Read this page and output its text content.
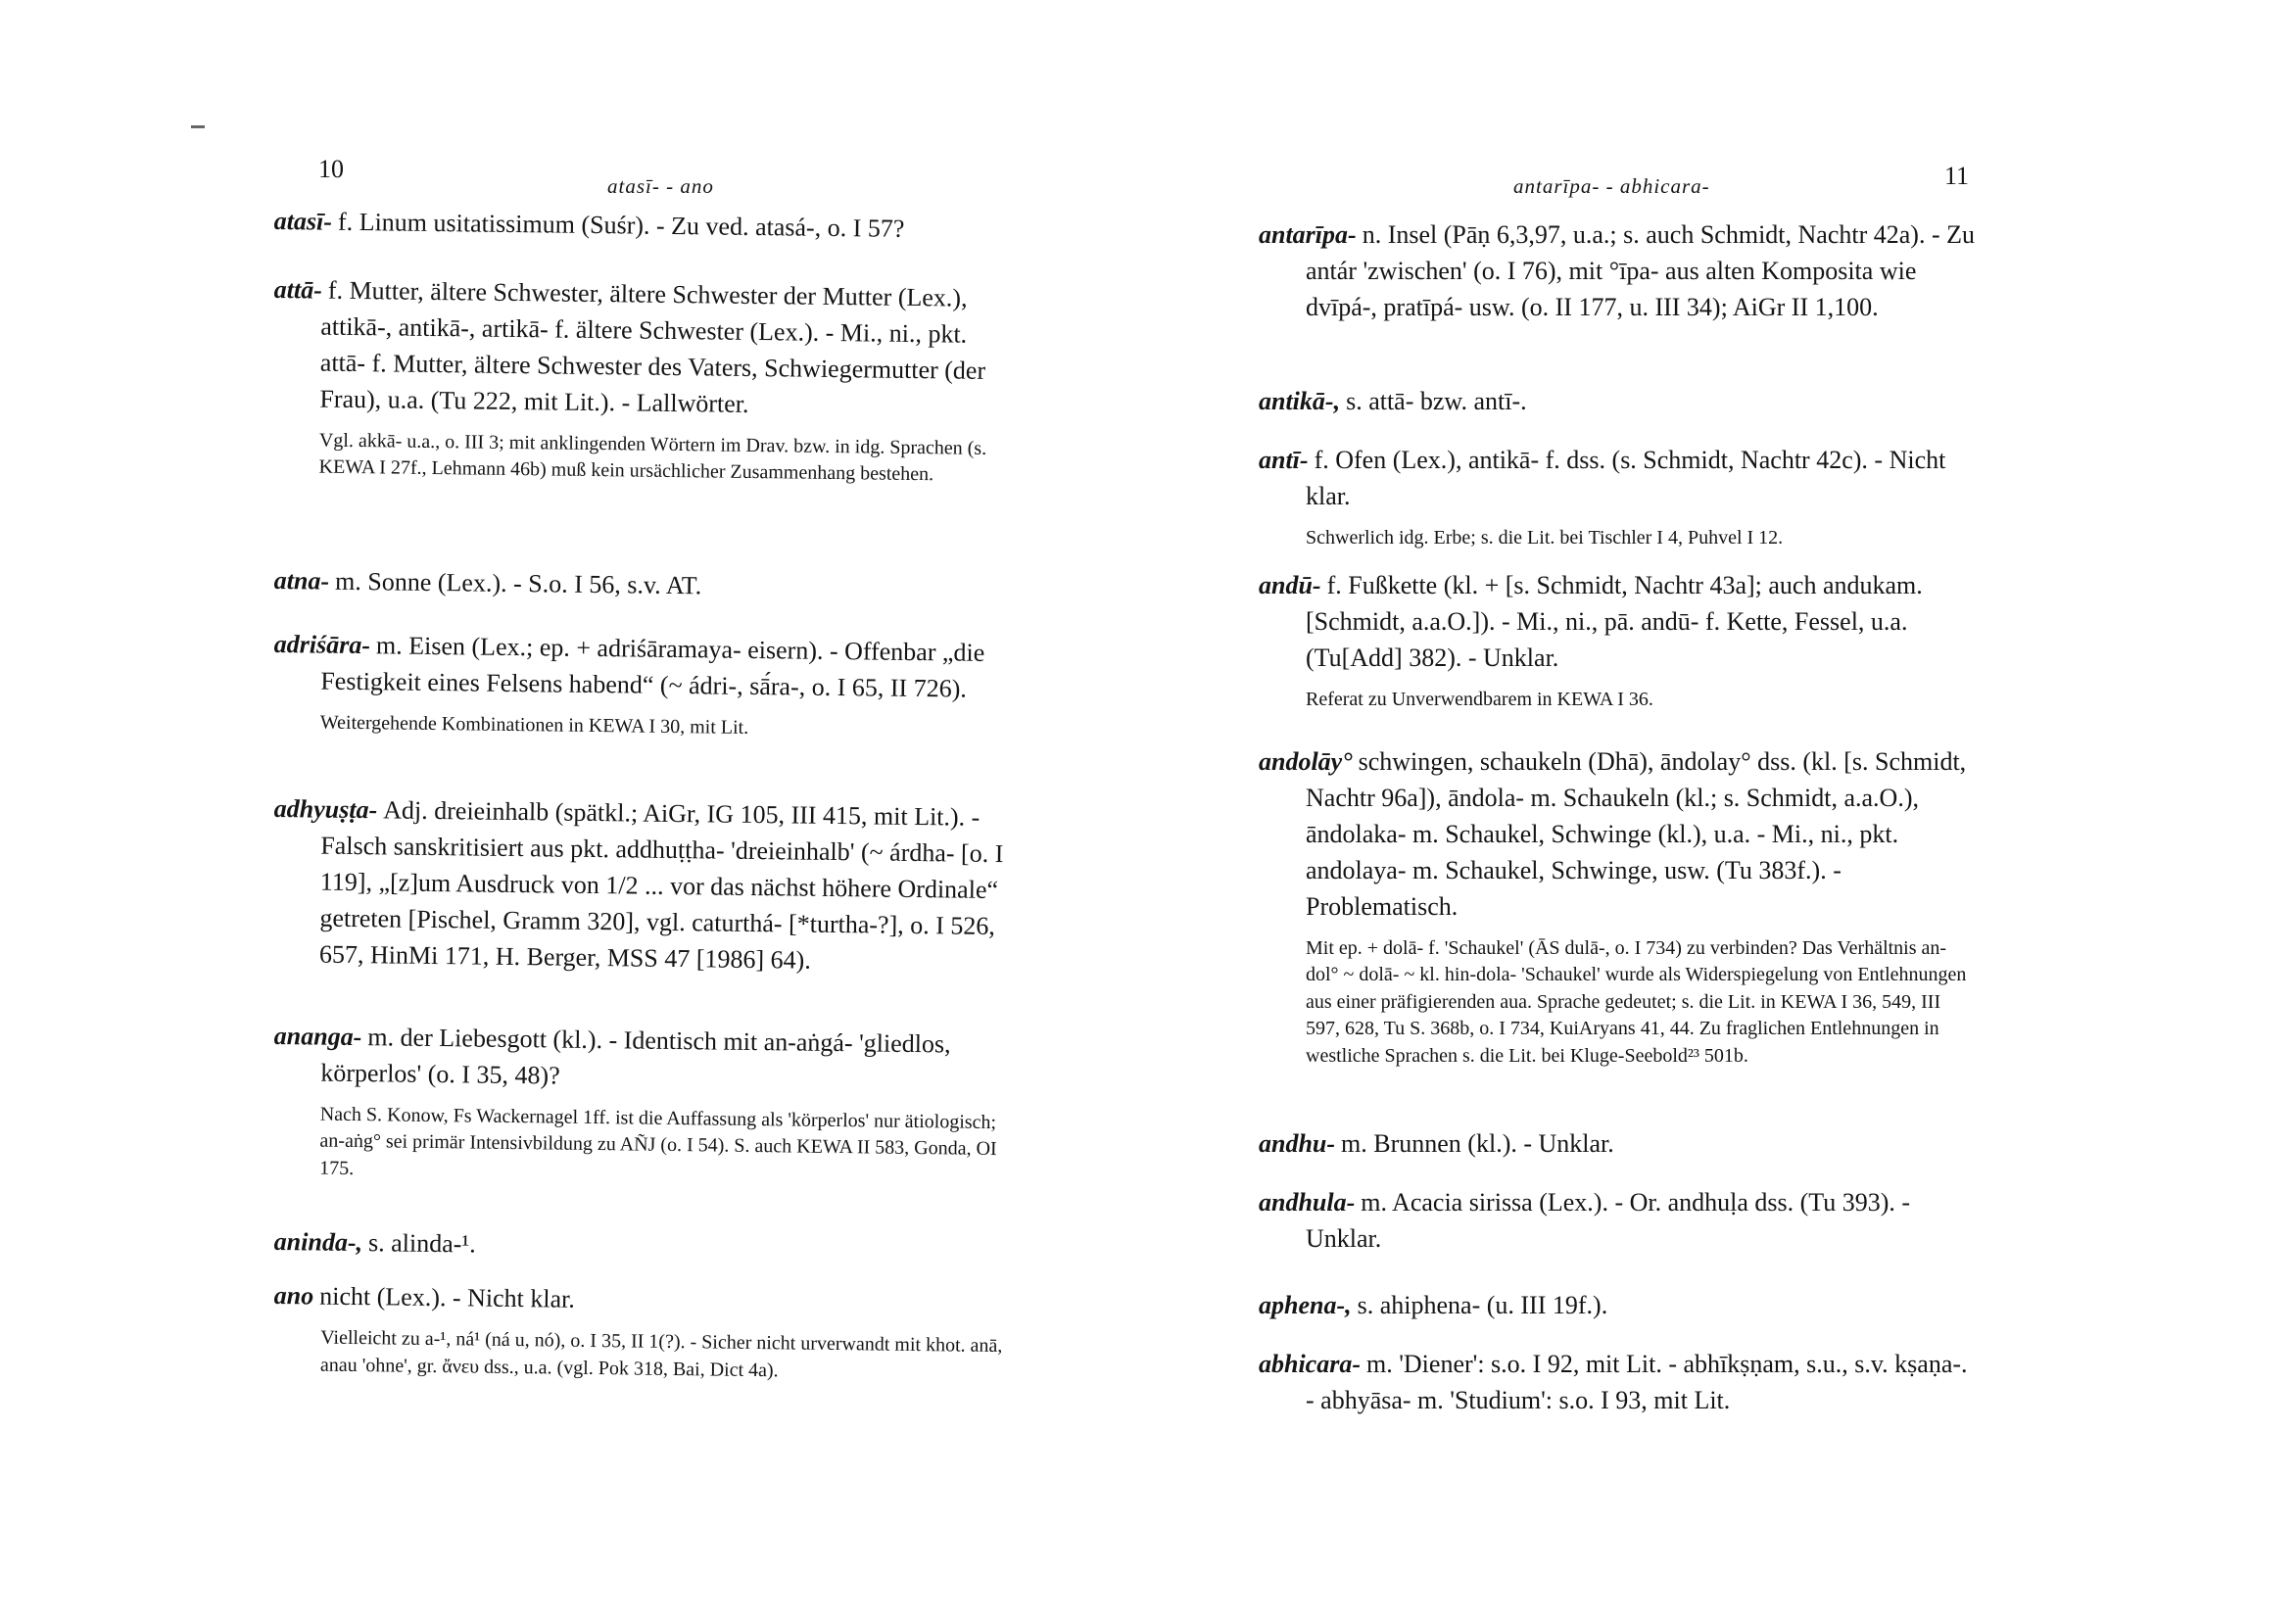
10
atasī- - ano
atasī- f. Linum usitatissimum (Suśr). - Zu ved. atasá-, o. I 57?
attā- f. Mutter, ältere Schwester, ältere Schwester der Mutter (Lex.), attikā-, antikā-, artikā- f. ältere Schwester (Lex.). - Mi., ni., pkt. attā- f. Mutter, ältere Schwester des Vaters, Schwiegermutter (der Frau), u.a. (Tu 222, mit Lit.). - Lallwörter.
Vgl. akkā- u.a., o. III 3; mit anklingenden Wörtern im Drav. bzw. in idg. Sprachen (s. KEWA I 27f., Lehmann 46b) muß kein ursächlicher Zusammenhang bestehen.
atna- m. Sonne (Lex.). - S.o. I 56, s.v. AT.
adriśāra- m. Eisen (Lex.; ep. + adriśāramaya- eisern). - Offenbar „die Festigkeit eines Felsens habend“ (~ ádri-, sā́ra-, o. I 65, II 726).
Weitergehende Kombinationen in KEWA I 30, mit Lit.
adhyuṣṭa- Adj. dreieinhalb (spätkl.; AiGr, IG 105, III 415, mit Lit.). - Falsch sanskritisiert aus pkt. addhuṭṭha- 'dreieinhalb' (~ árdha- [o. I 119], „[z]um Ausdruck von 1/2 ... vor das nächst höhere Ordinale“ getreten [Pischel, Gramm 320], vgl. caturthá- [*turtha-?], o. I 526, 657, HinMi 171, H. Berger, MSS 47 [1986] 64).
ananga- m. der Liebesgott (kl.). - Identisch mit an-aṅgá- 'gliedlos, körperlos' (o. I 35, 48)?
Nach S. Konow, Fs Wackernagel 1ff. ist die Auffassung als 'körperlos' nur ätiologisch; an-aṅg° sei primär Intensivbildung zu AÑJ (o. I 54). S. auch KEWA II 583, Gonda, OI 175.
aninda-, s. alinda-¹.
ano nicht (Lex.). - Nicht klar.
Vielleicht zu a-¹, ná¹ (ná u, nó), o. I 35, II 1(?). - Sicher nicht urverwandt mit khot. anā, anau 'ohne', gr. ἄνευ dss., u.a. (vgl. Pok 318, Bai, Dict 4a).
11
antarīpa- - abhicara-
antarīpa- n. Insel (Pāṇ 6,3,97, u.a.; s. auch Schmidt, Nachtr 42a). - Zu antár 'zwischen' (o. I 76), mit °īpa- aus alten Komposita wie dvīpá-, pratīpá- usw. (o. II 177, u. III 34); AiGr II 1,100.
antikā-, s. attā- bzw. antī-.
antī- f. Ofen (Lex.), antikā- f. dss. (s. Schmidt, Nachtr 42c). - Nicht klar.
Schwerlich idg. Erbe; s. die Lit. bei Tischler I 4, Puhvel I 12.
andū- f. Fußkette (kl. + [s. Schmidt, Nachtr 43a]; auch andukam. [Schmidt, a.a.O.]). - Mi., ni., pā. andū- f. Kette, Fessel, u.a. (Tu[Add] 382). - Unklar.
Referat zu Unverwendbarem in KEWA I 36.
andolāy° schwingen, schaukeln (Dhā), āndolay° dss. (kl. [s. Schmidt, Nachtr 96a]), āndola- m. Schaukeln (kl.; s. Schmidt, a.a.O.), āndolaka- m. Schaukel, Schwinge (kl.), u.a. - Mi., ni., pkt. andolaya- m. Schaukel, Schwinge, usw. (Tu 383f.). - Problematisch.
Mit ep. + dolā- f. 'Schaukel' (ĀS dulā-, o. I 734) zu verbinden? Das Verhältnis an-dol° ~ dolā- ~ kl. hin-dola- 'Schaukel' wurde als Widerspiegelung von Entlehnungen aus einer präfigierenden aua. Sprache gedeutet; s. die Lit. in KEWA I 36, 549, III 597, 628, Tu S. 368b, o. I 734, KuiAryans 41, 44. Zu fraglichen Entlehnungen in westliche Sprachen s. die Lit. bei Kluge-Seebold²³ 501b.
andhu- m. Brunnen (kl.). - Unklar.
andhula- m. Acacia sirissa (Lex.). - Or. andhuḷa dss. (Tu 393). - Unklar.
aphena-, s. ahiphena- (u. III 19f.).
abhicara- m. 'Diener': s.o. I 92, mit Lit. - abhīkṣṇam, s.u., s.v. kṣaṇa-. - abhyāsa- m. 'Studium': s.o. I 93, mit Lit.
